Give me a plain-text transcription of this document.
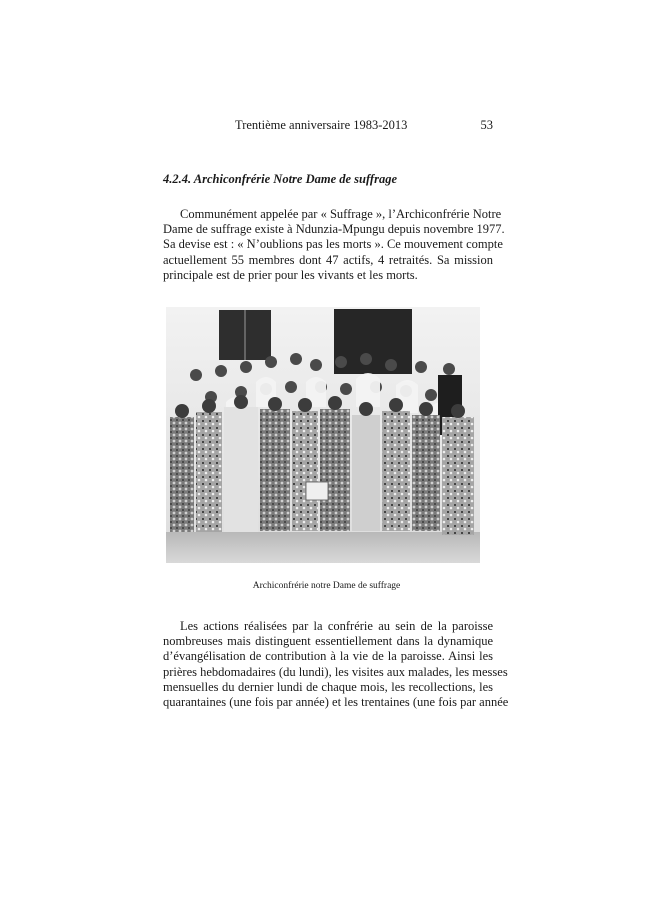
Trentième anniversaire 1983-2013	53
4.2.4. Archiconfrérie Notre Dame de suffrage

Communément appelée par « Suffrage », l’Archiconfrérie Notre
Dame de suffrage existe à Ndunzia-Mpungu depuis novembre 1977.
Sa devise est : « N’oublions pas les morts ». Ce mouvement compte
actuellement 55 membres dont 47 actifs, 4 retraités. Sa mission
principale est de prier pour les vivants et les morts.

Archiconfrérie notre Dame de suffrage

Les actions réalisées par la confrérie au sein de la paroisse
nombreuses mais distinguent essentiellement dans la dynamique
d’évangélisation de contribution à la vie de la paroisse. Ainsi les
prières hebdomadaires (du lundi), les visites aux malades, les messes
mensuelles du dernier lundi de chaque mois, les recollections, les
quarantaines (une fois par année) et les trentaines (une fois par année
